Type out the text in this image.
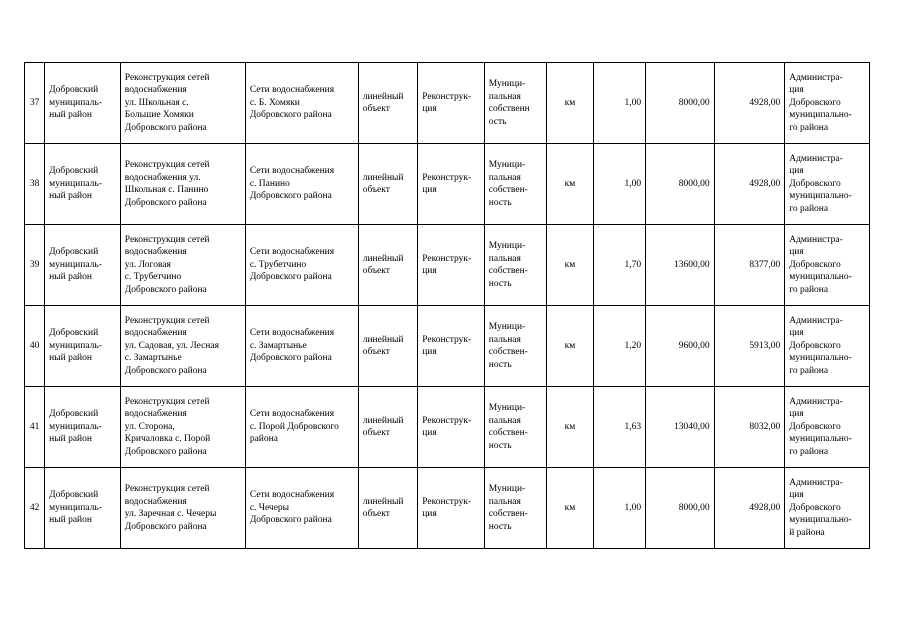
37	Добровский
муниципаль-
ный район	Реконструкция сетей
водоснабжения
ул. Школьная с.
Большие Хомяки
Добровского района	Сети водоснабжения
с. Б. Хомяки
Добровского района	линейный
объект	Реконструк-
ция	Муници-
пальная
собственн
ость	км	1,00	8000,00	4928,00	Администра-
ция
Добровского
муниципально-
го района
38	Добровский
муниципаль-
ный район	Реконструкция сетей
водоснабжения ул.
Школьная с. Панино
Добровского района	Сети водоснабжения
с. Панино
Добровского района	линейный
объект	Реконструк-
ция	Муници-
пальная
собствен-
ность	км	1,00	8000,00	4928,00	Администра-
ция
Добровского
муниципально-
го района
39	Добровский
муниципаль-
ный район	Реконструкция сетей
водоснабжения
ул. Логовая
с. Трубетчино
Добровского района	Сети водоснабжения
с. Трубетчино
Добровского района	линейный
объект	Реконструк-
ция	Муници-
пальная
собствен-
ность	км	1,70	13600,00	8377,00	Администра-
ция
Добровского
муниципально-
го района
40	Добровский
муниципаль-
ный район	Реконструкция сетей
водоснабжения
ул. Садовая, ул. Лесная
с. Замартынье
Добровского района	Сети водоснабжения
с. Замартынье
Добровского района	линейный
объект	Реконструк-
ция	Муници-
пальная
собствен-
ность	км	1,20	9600,00	5913,00	Администра-
ция
Добровского
муниципально-
го района
41	Добровский
муниципаль-
ный район	Реконструкция сетей
водоснабжения
ул. Сторона,
Кричаловка с. Порой
Добровского района	Сети водоснабжения
с. Порой Добровского
района	линейный
объект	Реконструк-
ция	Муници-
пальная
собствен-
ность	км	1,63	13040,00	8032,00	Администра-
ция
Добровского
муниципально-
го района
42	Добровский
муниципаль-
ный район	Реконструкция сетей
водоснабжения
ул. Заречная с. Чечеры
Добровского района	Сети водоснабжения
с. Чечеры
Добровского района	линейный
объект	Реконструк-
ция	Муници-
пальная
собствен-
ность	км	1,00	8000,00	4928,00	Администра-
ция
Добровского
муниципально-
й района
